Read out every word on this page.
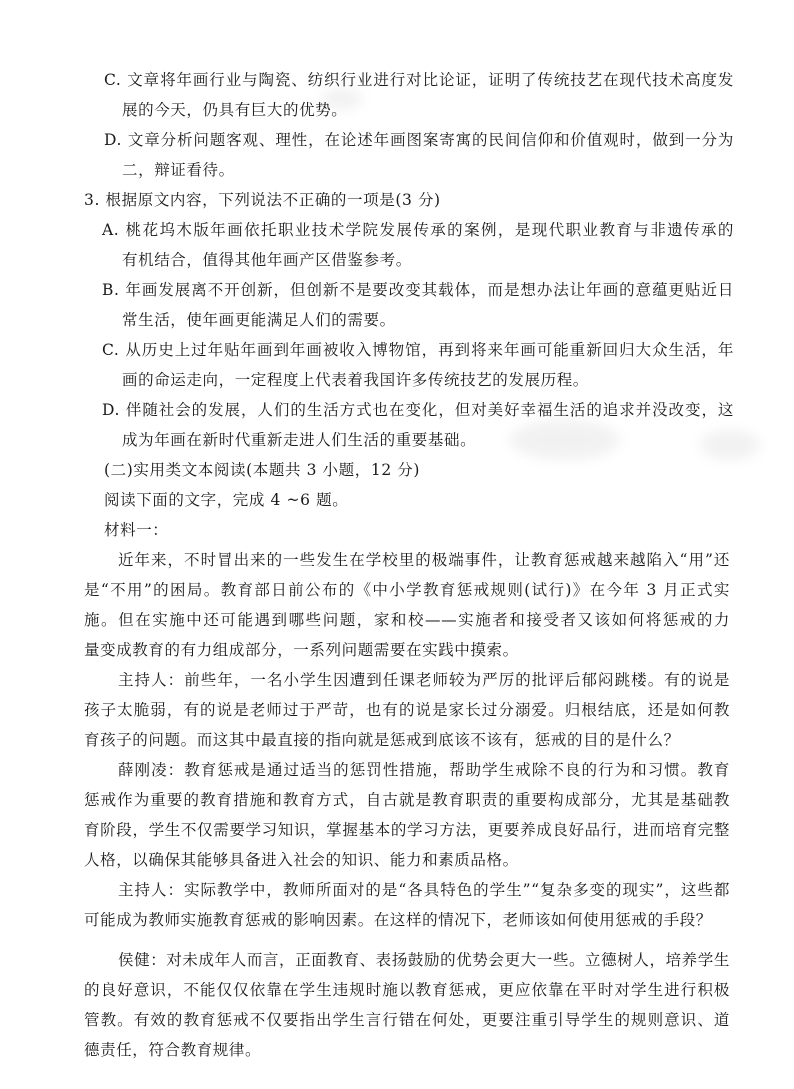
C. 文章将年画行业与陶瓷、纺织行业进行对比论证，证明了传统技艺在现代技术高度发
展的今天，仍具有巨大的优势。
D. 文章分析问题客观、理性，在论述年画图案寄寓的民间信仰和价值观时，做到一分为
二，辩证看待。
3. 根据原文内容，下列说法不正确的一项是(3 分)
A. 桃花坞木版年画依托职业技术学院发展传承的案例，是现代职业教育与非遗传承的
有机结合，值得其他年画产区借鉴参考。
B. 年画发展离不开创新，但创新不是要改变其载体，而是想办法让年画的意蕴更贴近日
常生活，使年画更能满足人们的需要。
C. 从历史上过年贴年画到年画被收入博物馆，再到将来年画可能重新回归大众生活，年
画的命运走向，一定程度上代表着我国许多传统技艺的发展历程。
D. 伴随社会的发展，人们的生活方式也在变化，但对美好幸福生活的追求并没改变，这
成为年画在新时代重新走进人们生活的重要基础。
(二)实用类文本阅读(本题共 3 小题，12 分)
阅读下面的文字，完成 4 ~6 题。
材料一：
近年来，不时冒出来的一些发生在学校里的极端事件，让教育惩戒越来越陷入“用”还
是“不用”的困局。教育部日前公布的《中小学教育惩戒规则(试行)》在今年 3 月正式实
施。但在实施中还可能遇到哪些问题，家和校——实施者和接受者又该如何将惩戒的力
量变成教育的有力组成部分，一系列问题需要在实践中摸索。
主持人：前些年，一名小学生因遭到任课老师较为严厉的批评后郁闷跳楼。有的说是
孩子太脆弱，有的说是老师过于严苛，也有的说是家长过分溺爱。归根结底，还是如何教
育孩子的问题。而这其中最直接的指向就是惩戒到底该不该有，惩戒的目的是什么？
薛刚凌：教育惩戒是通过适当的惩罚性措施，帮助学生戒除不良的行为和习惯。教育
惩戒作为重要的教育措施和教育方式，自古就是教育职责的重要构成部分，尤其是基础教
育阶段，学生不仅需要学习知识，掌握基本的学习方法，更要养成良好品行，进而培育完整
人格，以确保其能够具备进入社会的知识、能力和素质品格。
主持人：实际教学中，教师所面对的是“各具特色的学生”“复杂多变的现实”，这些都
可能成为教师实施教育惩戒的影响因素。在这样的情况下，老师该如何使用惩戒的手段？
侯健：对未成年人而言，正面教育、表扬鼓励的优势会更大一些。立德树人，培养学生
的良好意识，不能仅仅依靠在学生违规时施以教育惩戒，更应依靠在平时对学生进行积极
管教。有效的教育惩戒不仅要指出学生言行错在何处，更要注重引导学生的规则意识、道
德责任，符合教育规律。
